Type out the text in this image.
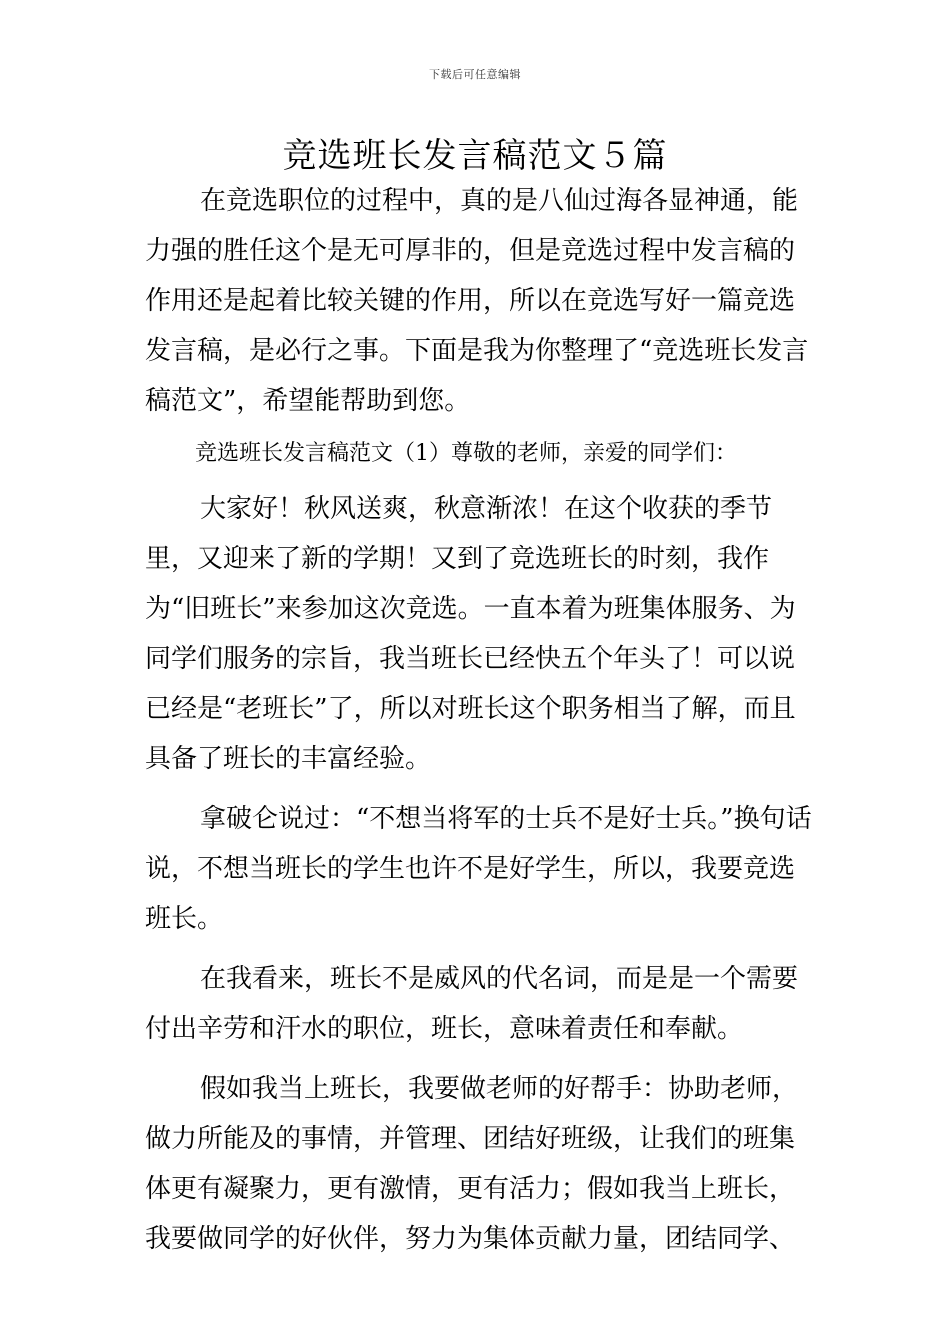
下载后可任意编辑
竞选班长发言稿范文５篇

在竞选职位的过程中，真的是八仙过海各显神通，能力强的胜任这个是无可厚非的，但是竞选过程中发言稿的作用还是起着比较关键的作用，所以在竞选写好一篇竞选发言稿，是必行之事。下面是我为你整理了“竞选班长发言稿范文”，希望能帮助到您。

竞选班长发言稿范文（1）尊敬的老师，亲爱的同学们：

大家好！秋风送爽，秋意渐浓！在这个收获的季节里，又迎来了新的学期！又到了竞选班长的时刻，我作为“旧班长”来参加这次竞选。一直本着为班集体服务、为同学们服务的宗旨，我当班长已经快五个年头了！可以说已经是“老班长”了，所以对班长这个职务相当了解，而且具备了班长的丰富经验。

拿破仑说过：“不想当将军的士兵不是好士兵。”换句话说，不想当班长的学生也许不是好学生，所以，我要竞选班长。

在我看来，班长不是威风的代名词，而是是一个需要付出辛劳和汗水的职位，班长，意味着责任和奉献。

假如我当上班长，我要做老师的好帮手：协助老师，做力所能及的事情，并管理、团结好班级，让我们的班集体更有凝聚力，更有激情，更有活力；假如我当上班长，我要做同学的好伙伴，努力为集体贡献力量，团结同学、
